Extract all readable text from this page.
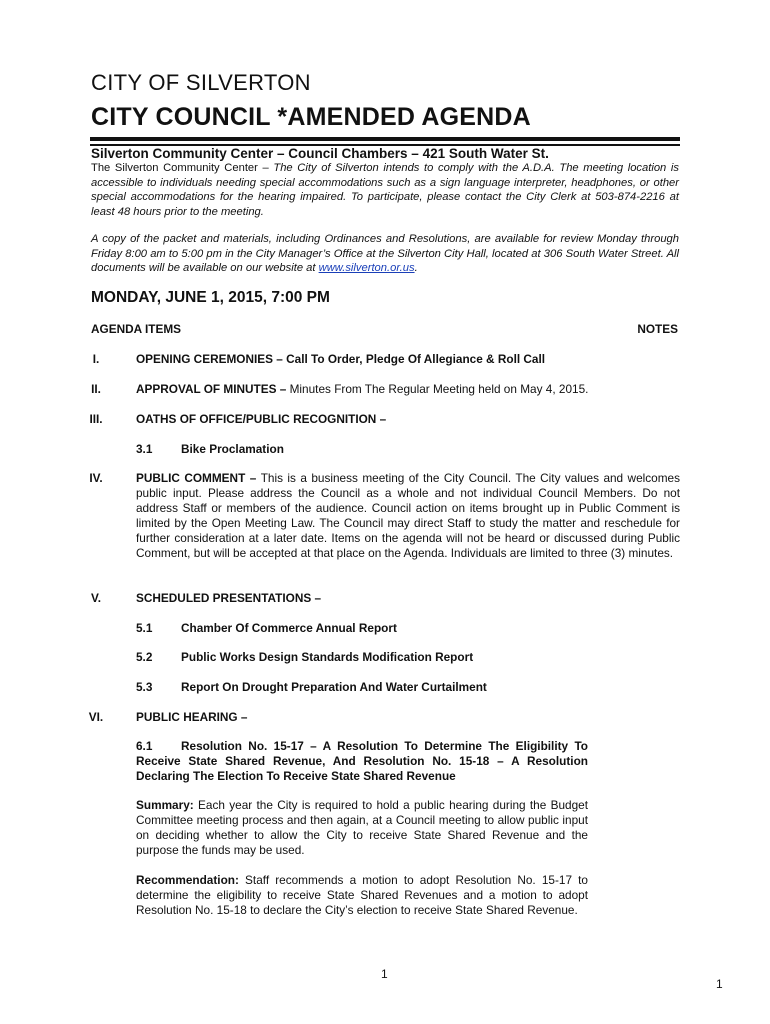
CITY OF SILVERTON
CITY COUNCIL *AMENDED AGENDA
Silverton Community Center – Council Chambers – 421 South Water St.
The Silverton Community Center – The City of Silverton intends to comply with the A.D.A. The meeting location is accessible to individuals needing special accommodations such as a sign language interpreter, headphones, or other special accommodations for the hearing impaired. To participate, please contact the City Clerk at 503-874-2216 at least 48 hours prior to the meeting.
A copy of the packet and materials, including Ordinances and Resolutions, are available for review Monday through Friday 8:00 am to 5:00 pm in the City Manager’s Office at the Silverton City Hall, located at 306 South Water Street. All documents will be available on our website at www.silverton.or.us.
MONDAY, JUNE 1, 2015, 7:00 PM
AGENDA ITEMS	NOTES
I.	OPENING CEREMONIES – Call To Order, Pledge Of Allegiance & Roll Call
II.	APPROVAL OF MINUTES – Minutes From The Regular Meeting held on May 4, 2015.
III.	OATHS OF OFFICE/PUBLIC RECOGNITION –
3.1 Bike Proclamation
IV.	PUBLIC COMMENT – This is a business meeting of the City Council. The City values and welcomes public input. Please address the Council as a whole and not individual Council Members. Do not address Staff or members of the audience. Council action on items brought up in Public Comment is limited by the Open Meeting Law. The Council may direct Staff to study the matter and reschedule for further consideration at a later date. Items on the agenda will not be heard or discussed during Public Comment, but will be accepted at that place on the Agenda. Individuals are limited to three (3) minutes.
V.	SCHEDULED PRESENTATIONS –
5.1 Chamber Of Commerce Annual Report
5.2 Public Works Design Standards Modification Report
5.3 Report On Drought Preparation And Water Curtailment
VI.	PUBLIC HEARING –
6.1 Resolution No. 15-17 – A Resolution To Determine The Eligibility To Receive State Shared Revenue, And Resolution No. 15-18 – A Resolution Declaring The Election To Receive State Shared Revenue
Summary: Each year the City is required to hold a public hearing during the Budget Committee meeting process and then again, at a Council meeting to allow public input on deciding whether to allow the City to receive State Shared Revenue and the purpose the funds may be used.
Recommendation: Staff recommends a motion to adopt Resolution No. 15-17 to determine the eligibility to receive State Shared Revenues and a motion to adopt Resolution No. 15-18 to declare the City’s election to receive State Shared Revenue.
1
1
